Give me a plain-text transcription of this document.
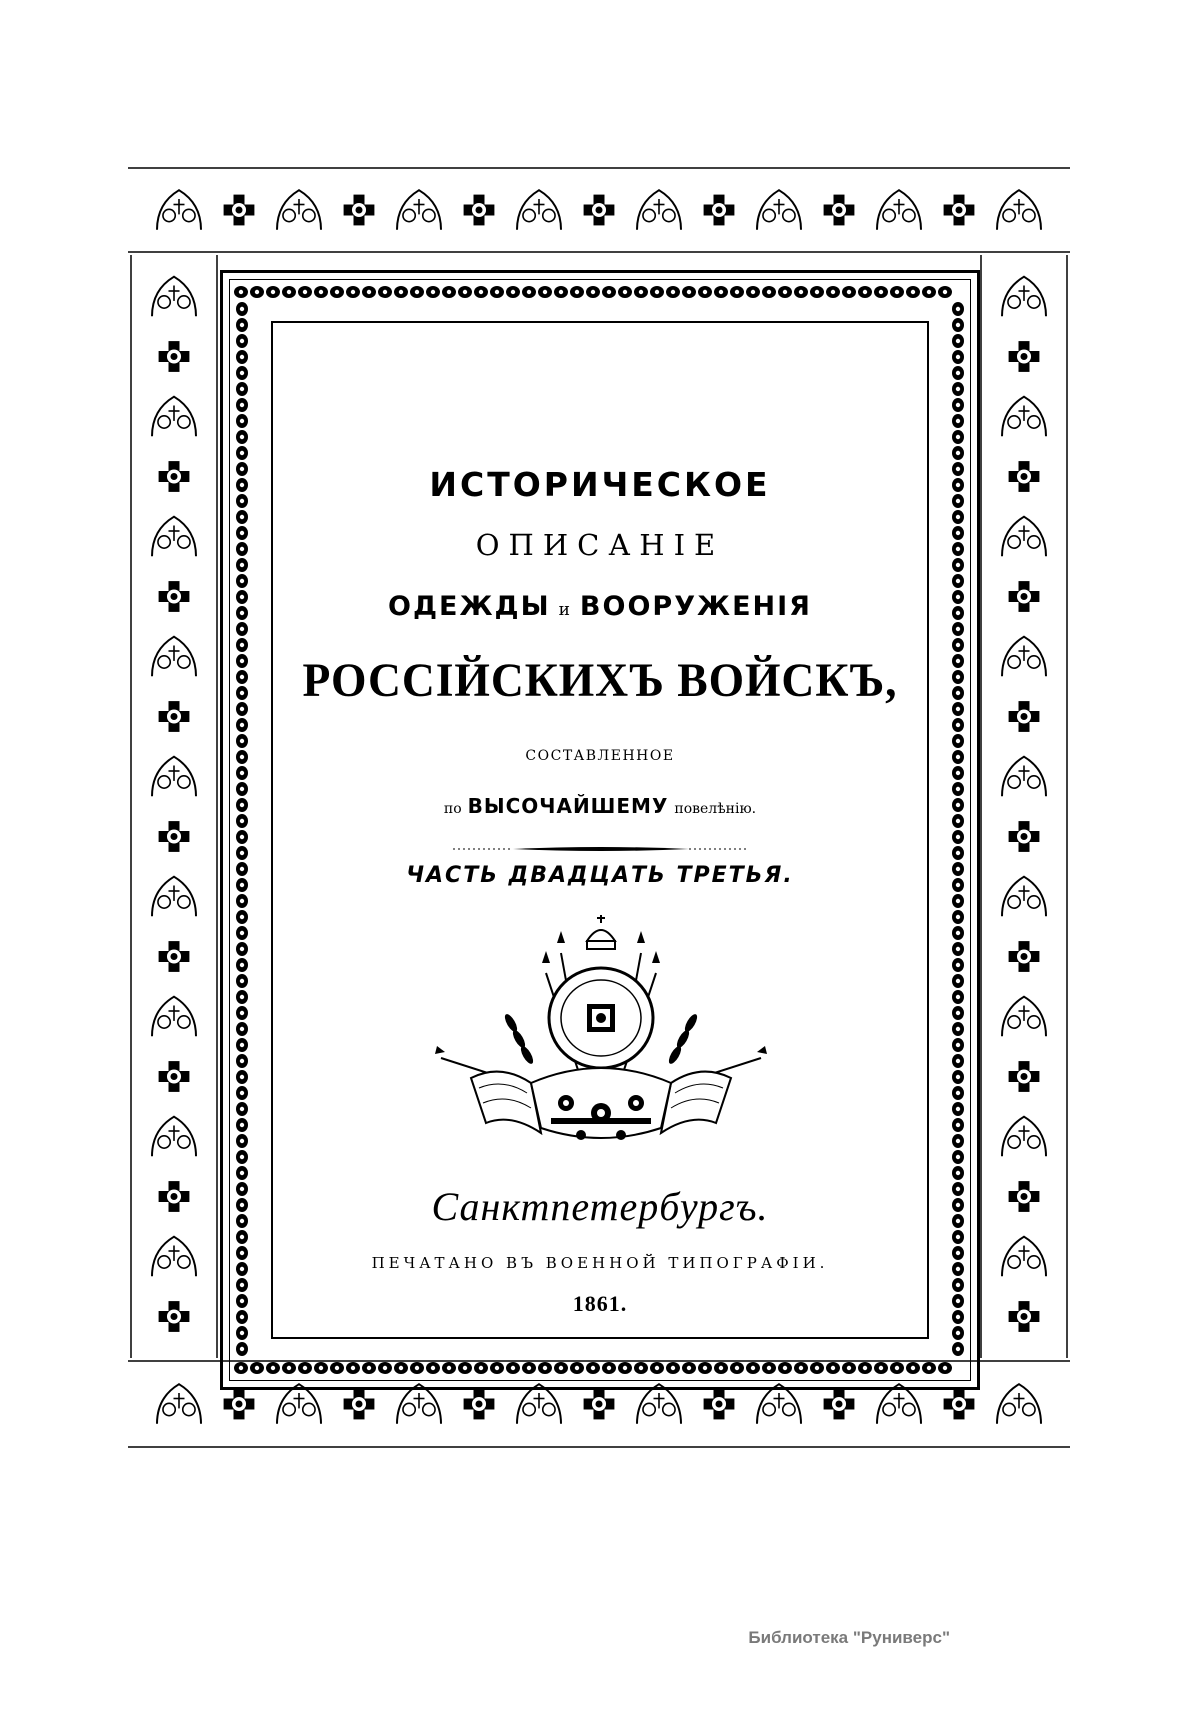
ИСТОРИЧЕСКОЕ
ОПИСАНІЕ
ОДЕЖДЫ и ВООРУЖЕНІЯ
РОССІЙСКИХЪ ВОЙСКЪ,
СОСТАВЛЕННОЕ
по ВЫСОЧАЙШЕМУ повелѣнію.
ЧАСТЬ ДВАДЦАТЬ ТРЕТЬЯ.
Санктпетербургъ.
ПЕЧАТАНО ВЪ ВОЕННОЙ ТИПОГРАФІИ.
1861.
Библиотека "Руниверс"
